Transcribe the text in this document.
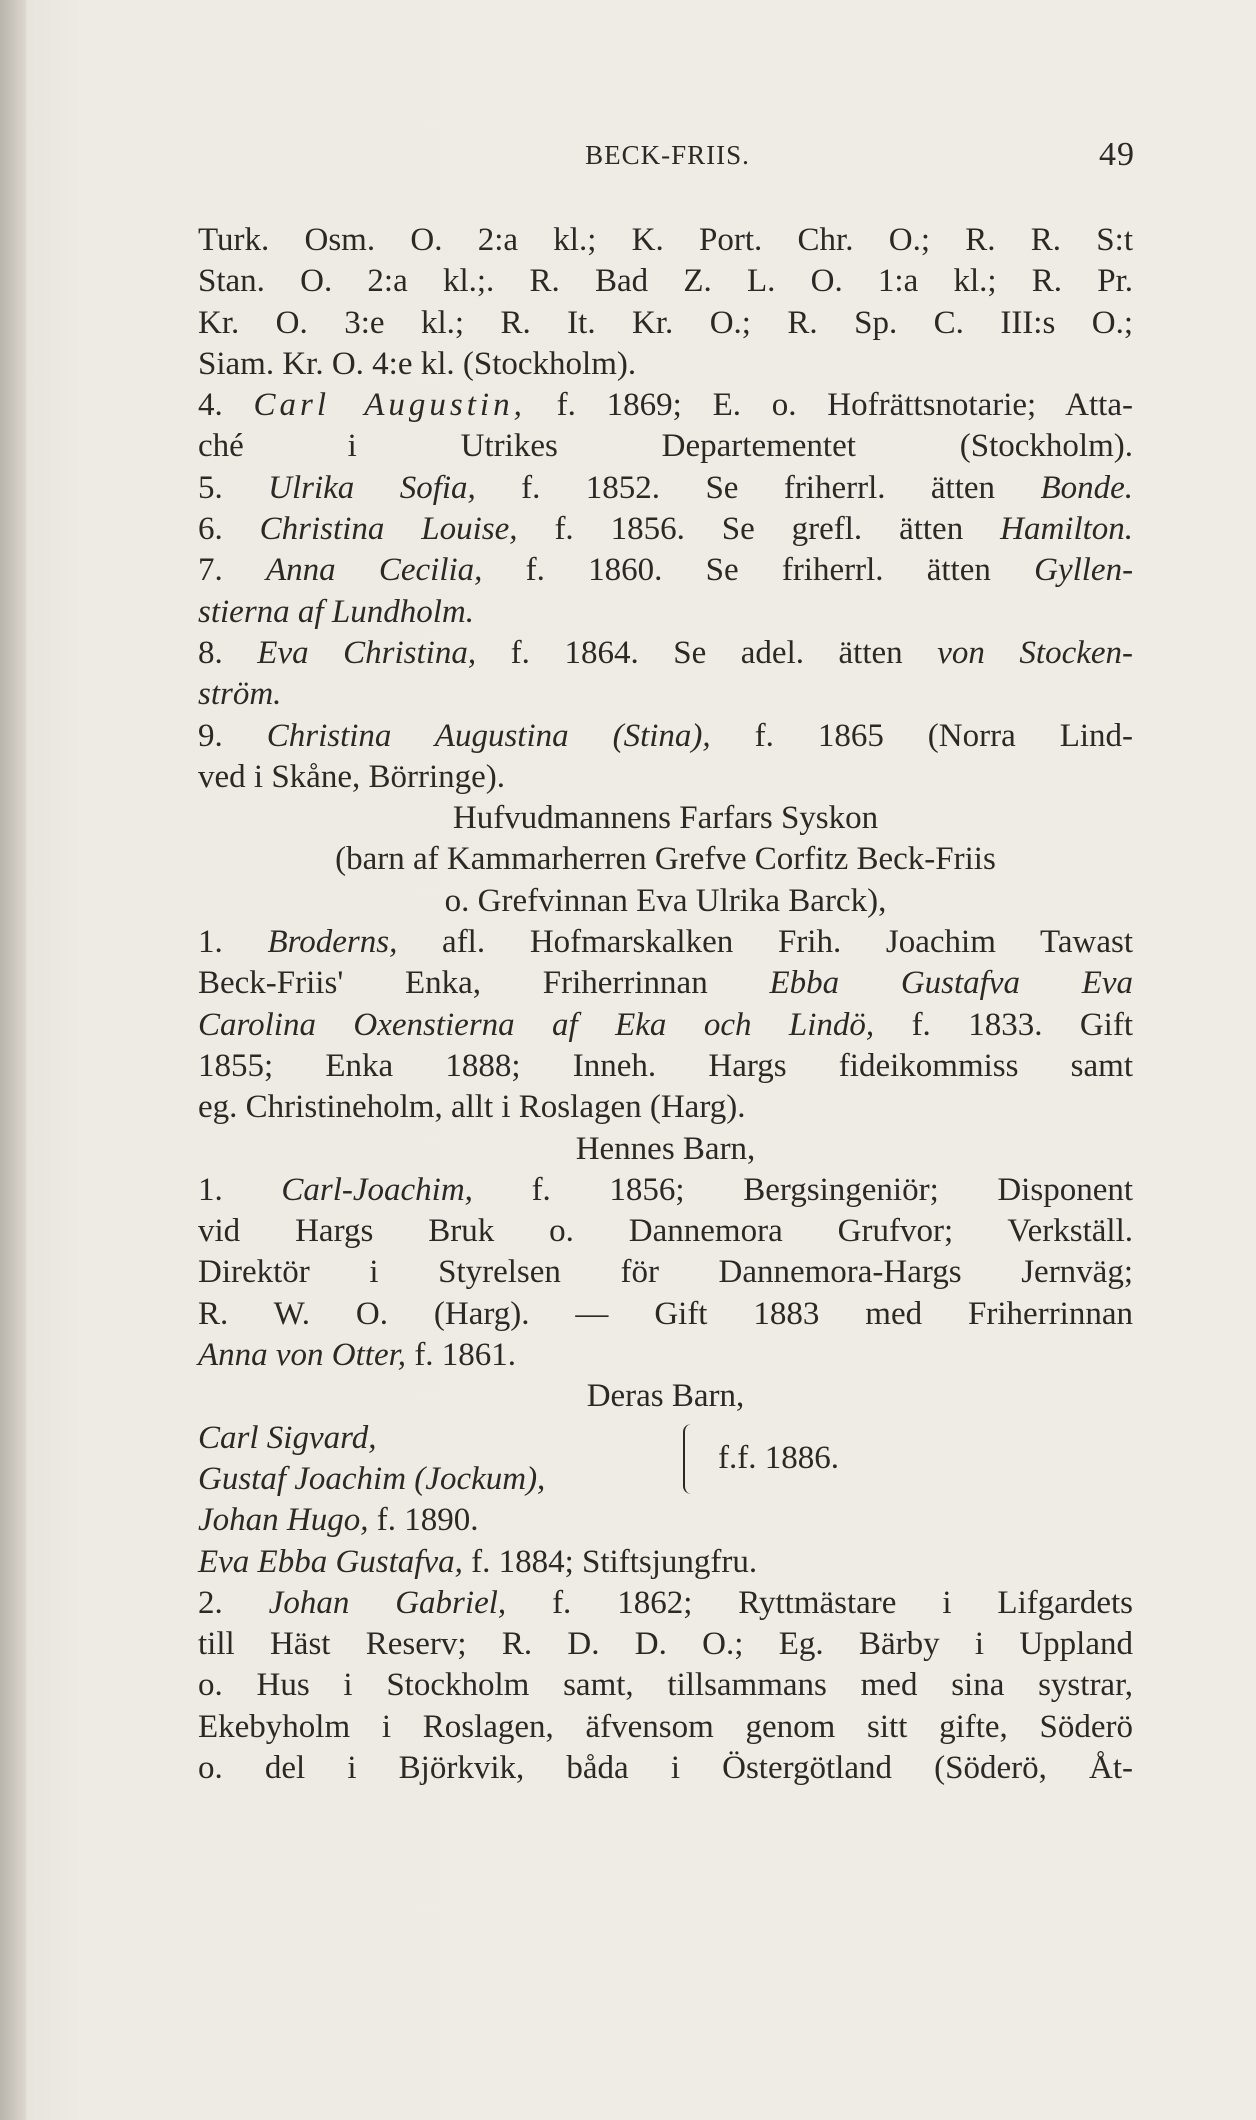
BECK-FRIIS.	49
Turk. Osm. O. 2:a kl.; K. Port. Chr. O.; R. R. S:t
Stan. O. 2:a kl.;. R. Bad Z. L. O. 1:a kl.; R. Pr.
Kr. O. 3:e kl.; R. It. Kr. O.; R. Sp. C. III:s O.;
Siam. Kr. O. 4:e kl. (Stockholm).
4. Carl Augustin, f. 1869; E. o. Hofrättsnotarie; Atta-
ché i Utrikes Departementet (Stockholm).
5. Ulrika Sofia, f. 1852. Se friherrl. ätten Bonde.
6. Christina Louise, f. 1856. Se grefl. ätten Hamilton.
7. Anna Cecilia, f. 1860. Se friherrl. ätten Gyllen-
stierna af Lundholm.
8. Eva Christina, f. 1864. Se adel. ätten von Stocken-
ström.
9. Christina Augustina (Stina), f. 1865 (Norra Lind-
ved i Skåne, Börringe).
Hufvudmannens Farfars Syskon
(barn af Kammarherren Grefve Corfitz Beck-Friis
o. Grefvinnan Eva Ulrika Barck),
1. Broderns, afl. Hofmarskalken Frih. Joachim Tawast
Beck-Friis' Enka, Friherrinnan Ebba Gustafva Eva
Carolina Oxenstierna af Eka och Lindö, f. 1833. Gift
1855; Enka 1888; Inneh. Hargs fideikommiss samt
eg. Christineholm, allt i Roslagen (Harg).
Hennes Barn,
1. Carl-Joachim, f. 1856; Bergsingeniör; Disponent
vid Hargs Bruk o. Dannemora Grufvor; Verkställ.
Direktör i Styrelsen för Dannemora-Hargs Jernväg;
R. W. O. (Harg). — Gift 1883 med Friherrinnan
Anna von Otter, f. 1861.
Deras Barn,
Carl Sigvard,
Gustaf Joachim (Jockum),
f.f. 1886.
Johan Hugo, f. 1890.
Eva Ebba Gustafva, f. 1884; Stiftsjungfru.
2. Johan Gabriel, f. 1862; Ryttmästare i Lifgardets
till Häst Reserv; R. D. D. O.; Eg. Bärby i Uppland
o. Hus i Stockholm samt, tillsammans med sina systrar,
Ekebyholm i Roslagen, äfvensom genom sitt gifte, Söderö
o. del i Björkvik, båda i Östergötland (Söderö, Åt-
